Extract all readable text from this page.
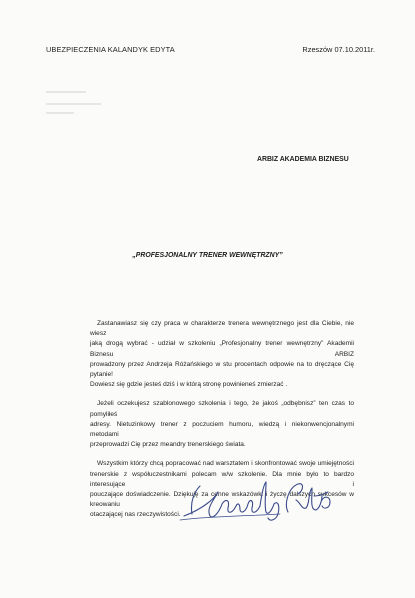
UBEZPIECZENIA KALANDYK EDYTA	Rzeszów 07.10.2011r.
ARBIZ AKADEMIA BIZNESU
„PROFESJONALNY TRENER WEWNĘTRZNY”

Zastanawiasz się czy praca w charakterze trenera wewnętrznego jest dla Ciebie, nie wiesz
jaką drogą wybrać - udział w szkoleniu „Profesjonalny trener wewnętrzny” Akademii Biznesu ARBIZ
prowadzony przez Andrzeja Różańskiego w stu procentach odpowie na to dręczące Cię pytanie!
Dowiesz się gdzie jesteś dziś i w którą stronę powinieneś zmierzać .

Jeżeli oczekujesz szablonowego szkolenia i tego, że jakoś „odbębnisz” ten czas to pomyliłeś
adresy. Nietuzinkowy trener z poczuciem humoru, wiedzą i niekonwencjonalnymi metodami
przeprowadzi Cię przez meandry trenerskiego świata.

Wszystkim którzy chcą popracować nad warsztatem i skonfrontować swoje umiejętności
trenerskie z współuczestnikami polecam w/w szkolenie. Dla mnie było to bardzo interesujące i
pouczające doświadczenie. Dziękuję za cenne wskazówki i życzę dalszych sukcesów w kreowaniu
otaczającej nas rzeczywistości.
